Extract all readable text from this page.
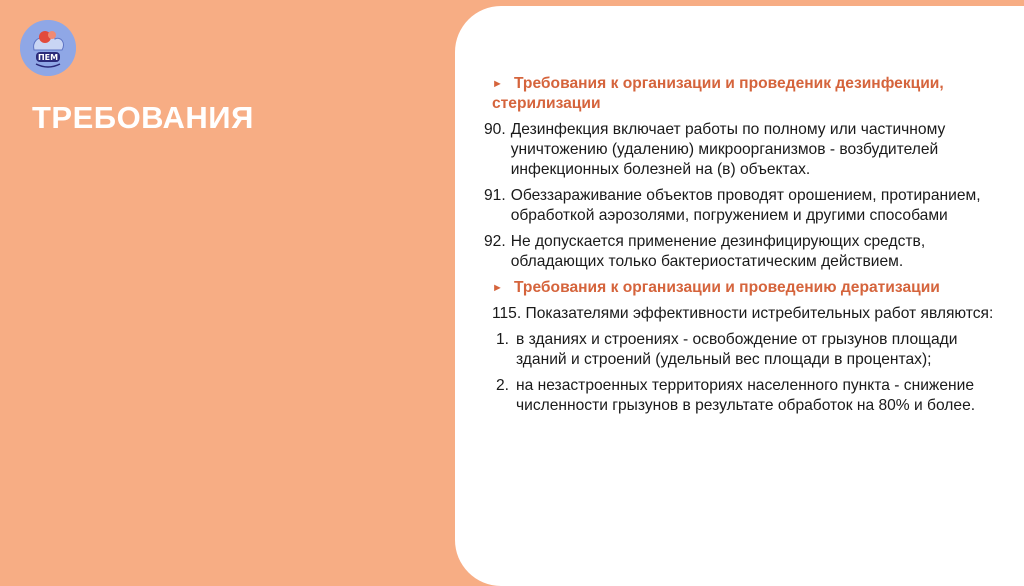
ПЕМ
ТРЕБОВАНИЯ
► Требования к организации и проведеник дезинфекции, стерилизации
90. Дезинфекция включает работы по полному или частичному уничтожению (удалению) микроорганизмов - возбудителей инфекционных болезней на (в) объектах.
91. Обеззараживание объектов проводят орошением, протиранием, обработкой аэрозолями, погружением и другими способами
92. Не допускается применение дезинфицирующих средств, обладающих только бактериостатическим действием.
► Требования к организации и проведению дератизации
115. Показателями эффективности истребительных работ являются:
1. в зданиях и строениях - освобождение от грызунов площади зданий и строений (удельный вес площади в процентах);
2. на незастроенных территориях населенного пункта - снижение численности грызунов в результате обработок на 80% и более.
